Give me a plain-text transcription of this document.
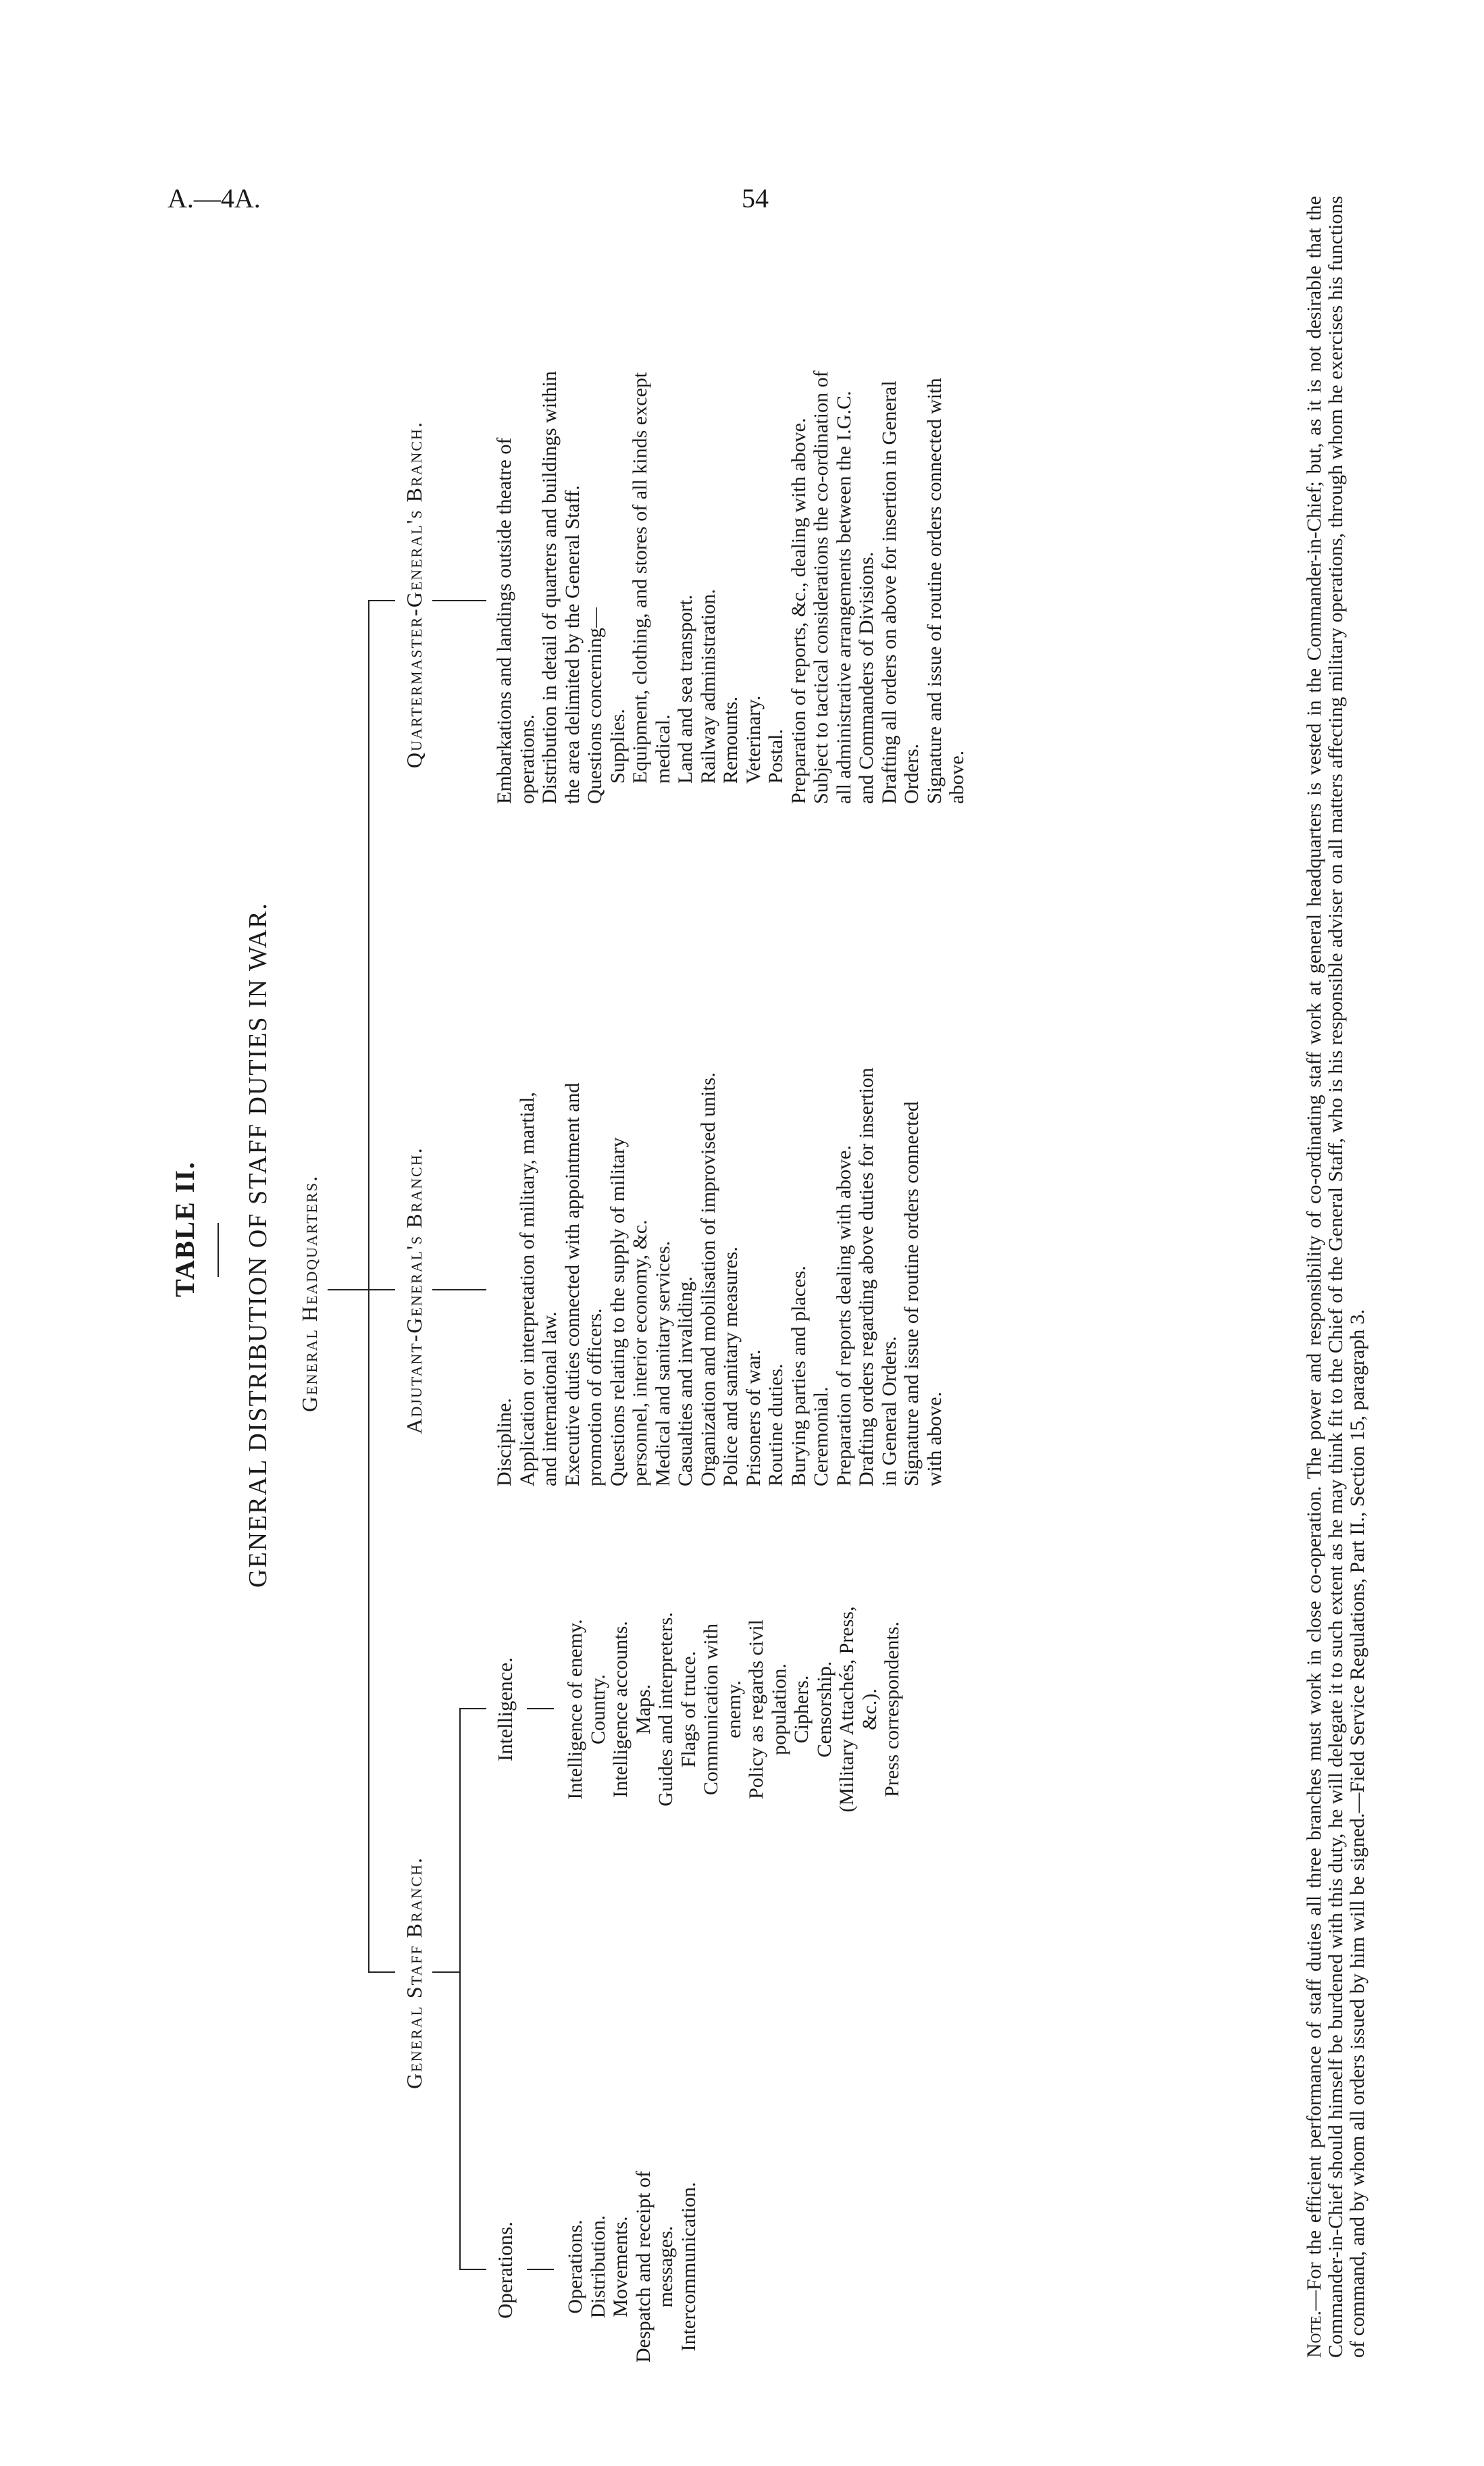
A.—4A.	54
TABLE II. GENERAL DISTRIBUTION OF STAFF DUTIES IN WAR. General Headquarters.
General Staff Branch.
Adjutant-General's Branch.
Quartermaster-General's Branch.
Operations.
Intelligence.
Operations. Distribution. Movements. Despatch and receipt of messages. Intercommunication.
Intelligence of enemy. Country. Intelligence accounts. Maps. Guides and interpreters. Flags of truce. Communication with enemy. Policy as regards civil population. Ciphers. Censorship. (Military Attachés, Press, &c.). Press correspondents.
Discipline. Application or interpretation of military, martial, and international law. Executive duties connected with appointment and promotion of officers. Questions relating to the supply of military personnel, interior economy, &c. Medical and sanitary services. Casualties and invaliding. Organization and mobilisation of improvised units. Police and sanitary measures. Prisoners of war. Routine duties. Burying parties and places. Ceremonial. Preparation of reports dealing with above. Drafting orders regarding above duties for insertion in General Orders. Signature and issue of routine orders connected with above.
Embarkations and landings outside theatre of operations. Distribution in detail of quarters and buildings within the area delimited by the General Staff. Questions concerning— Supplies. Equipment, clothing, and stores of all kinds except medical. Land and sea transport. Railway administration. Remounts. Veterinary. Postal. Preparation of reports, &c., dealing with above. Subject to tactical considerations the co-ordination of all administrative arrangements between the I.G.C. and Commanders of Divisions. Drafting all orders on above for insertion in General Orders. Signature and issue of routine orders connected with above.
Note.—For the efficient performance of staff duties all three branches must work in close co-operation. The power and responsibility of co-ordinating staff work at general headquarters is vested in the Commander-in-Chief; but, as it is not desirable that the Commander-in-Chief should himself be burdened with this duty, he will delegate it to such extent as he may think fit to the Chief of the General Staff, who is his responsible adviser on all matters affecting military operations, through whom he exercises his functions of command, and by whom all orders issued by him will be signed.—Field Service Regulations, Part II., Section 15, paragraph 3.
